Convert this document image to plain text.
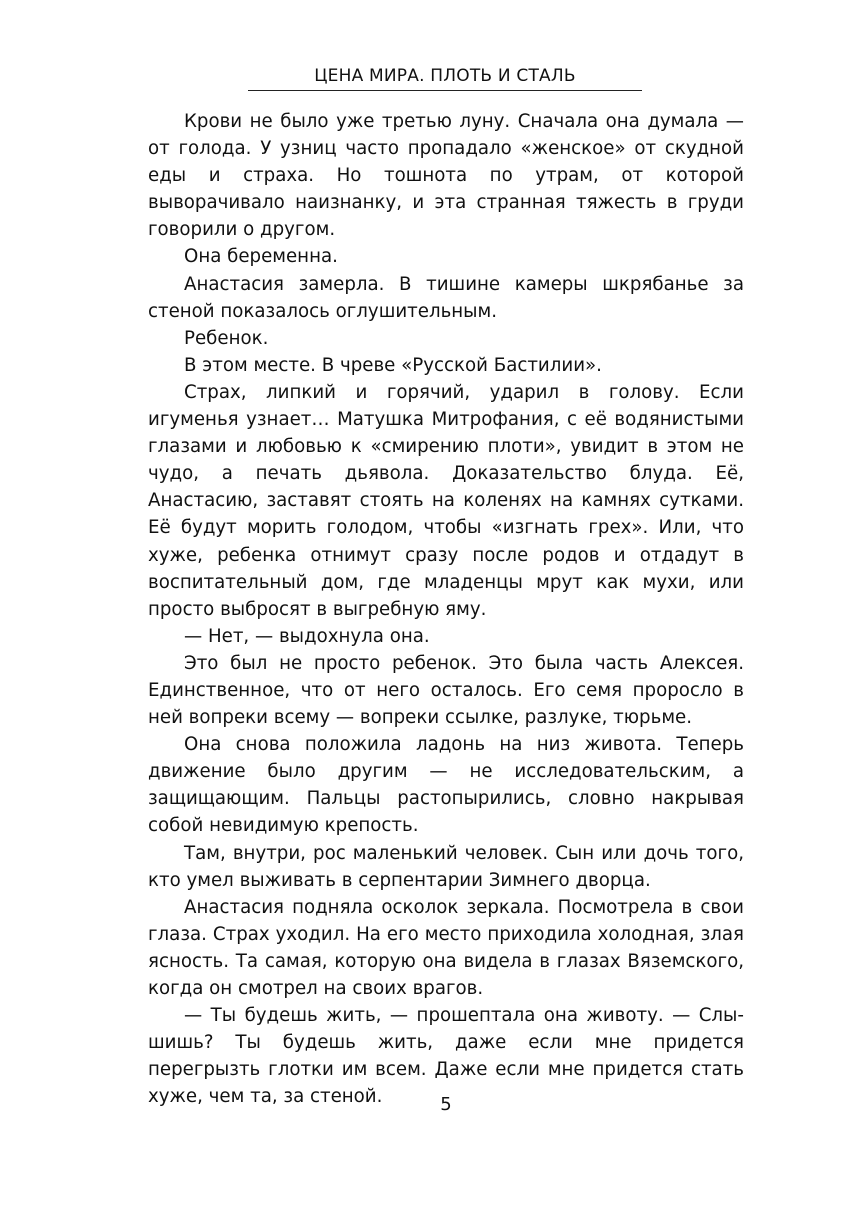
ЦЕНА МИРА. ПЛОТЬ И СТАЛЬ

Крови не было уже третью луну. Сначала она думала — от голода. У узниц часто пропадало «женское» от скудной еды и страха. Но тошнота по утрам, от которой выворачивало наизнанку, и эта странная тяжесть в груди говорили о другом.

Она беременна.

Анастасия замерла. В тишине камеры шкрябанье за стеной показалось оглушительным.

Ребенок.

В этом месте. В чреве «Русской Бастилии».

Страх, липкий и горячий, ударил в голову. Если игуменья узнает… Матушка Митрофания, с её водянистыми глазами и любовью к «смирению плоти», увидит в этом не чудо, а печать дьявола. Доказательство блуда. Её, Анастасию, заставят стоять на коленях на камнях сутками. Её будут морить голодом, чтобы «изгнать грех». Или, что хуже, ребенка отнимут сразу после родов и отдадут в воспитательный дом, где младенцы мрут как мухи, или просто выбросят в выгребную яму.

— Нет, — выдохнула она.

Это был не просто ребенок. Это была часть Алексея. Единственное, что от него осталось. Его семя проросло в ней вопреки всему — вопреки ссылке, разлуке, тюрьме.

Она снова положила ладонь на низ живота. Теперь движение было другим — не исследовательским, а защищающим. Пальцы растопырились, словно накрывая собой невидимую крепость.

Там, внутри, рос маленький человек. Сын или дочь того, кто умел выживать в серпентарии Зимнего дворца.

Анастасия подняла осколок зеркала. Посмотрела в свои глаза. Страх уходил. На его место приходила холодная, злая ясность. Та самая, которую она видела в глазах Вяземского, когда он смотрел на своих врагов.

— Ты будешь жить, — прошептала она животу. — Слышишь? Ты будешь жить, даже если мне придется перегрызть глотки им всем. Даже если мне придется стать хуже, чем та, за стеной.	5
